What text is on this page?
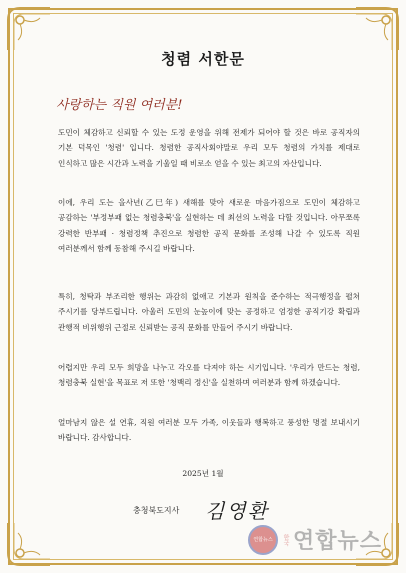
청렴 서한문
사랑하는 직원 여러분!
도민이 체감하고 신뢰할 수 있는 도정 운영을 위해 전제가 되어야 할 것은 바로 공직자의 기본 덕목인 '청렴' 입니다. 청렴한 공직사회야말로 우리 모두 청렴의 가치를 제대로 인식하고 많은 시간과 노력을 기울일 때 비로소 얻을 수 있는 최고의 자산입니다.
이에, 우리 도는 을사년(乙巳年) 새해를 맞아 새로운 마음가짐으로 도민이 체감하고 공감하는 '부정부패 없는 청렴충북'을 실현하는 데 최선의 노력을 다할 것입니다. 아무쪼록 강력한 반부패 · 청렴정책 추진으로 청렴한 공직 문화를 조성해 나갈 수 있도록 직원 여러분께서 함께 동참해 주시길 바랍니다.
특히, 청탁과 부조리한 행위는 과감히 없애고 기본과 원칙을 준수하는 적극행정을 펼쳐 주시기를 당부드립니다. 아울러 도민의 눈높이에 맞는 공정하고 엄정한 공직기강 확립과 관행적 비위행위 근절로 신뢰받는 공직 문화를 만들어 주시기 바랍니다.
어렵지만 우리 모두 희망을 나누고 각오를 다져야 하는 시기입니다. '우리가 만드는 청렴, 청렴충북 실현'을 목표로 저 또한 '청백리 정신'을 실천하며 여러분과 함께 하겠습니다.
얼마남지 않은 설 연휴, 직원 여러분 모두 가족, 이웃들과 행복하고 풍성한 명절 보내시기 바랍니다. 감사합니다.
2025년 1월
충청북도지사 김영환
연합뉴스	한국 연합뉴스
